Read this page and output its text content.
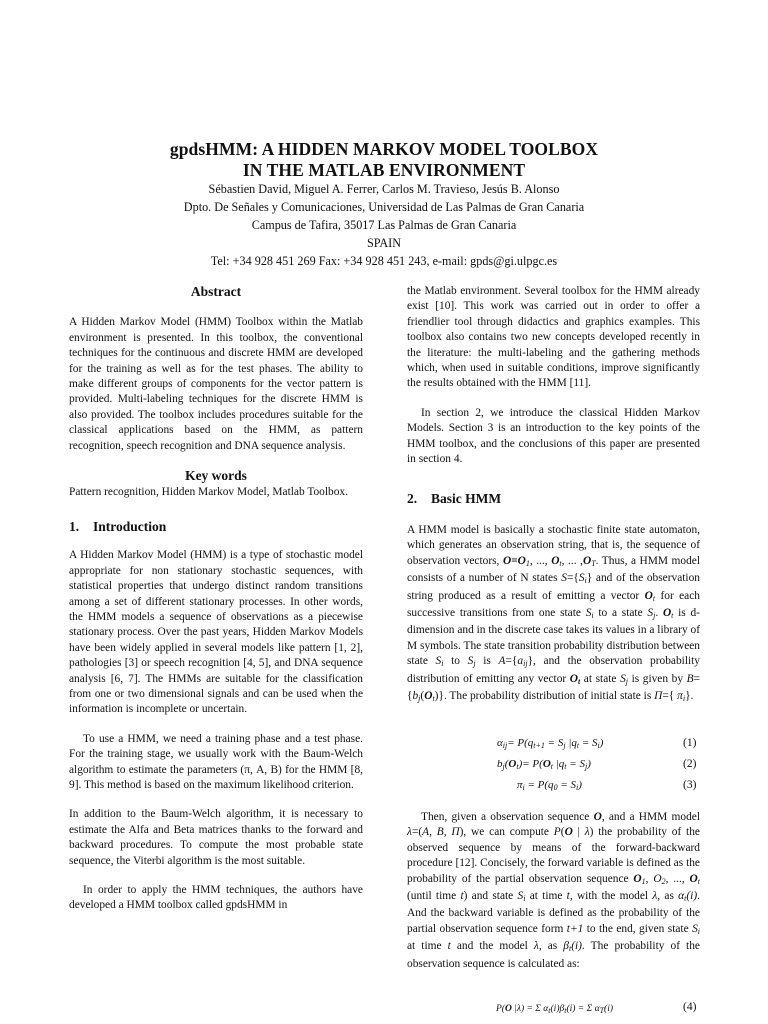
gpdsHMM: A HIDDEN MARKOV MODEL TOOLBOX
IN THE MATLAB ENVIRONMENT
Sébastien David, Miguel A. Ferrer, Carlos M. Travieso, Jesús B. Alonso
Dpto. De Señales y Comunicaciones, Universidad de Las Palmas de Gran Canaria
Campus de Tafira, 35017 Las Palmas de Gran Canaria
SPAIN
Tel: +34 928 451 269 Fax: +34 928 451 243, e-mail: gpds@gi.ulpgc.es

Abstract

A Hidden Markov Model (HMM) Toolbox within the Matlab environment is presented. In this toolbox, the conventional techniques for the continuous and discrete HMM are developed for the training as well as for the test phases. The ability to make different groups of components for the vector pattern is provided. Multi-labeling techniques for the discrete HMM is also provided. The toolbox includes procedures suitable for the classical applications based on the HMM, as pattern recognition, speech recognition and DNA sequence analysis.

Key words

Pattern recognition, Hidden Markov Model, Matlab Toolbox.

1. Introduction

A Hidden Markov Model (HMM) is a type of stochastic model appropriate for non stationary stochastic sequences, with statistical properties that undergo distinct random transitions among a set of different stationary processes. In other words, the HMM models a sequence of observations as a piecewise stationary process. Over the past years, Hidden Markov Models have been widely applied in several models like pattern [1, 2], pathologies [3] or speech recognition [4, 5], and DNA sequence analysis [6, 7]. The HMMs are suitable for the classification from one or two dimensional signals and can be used when the information is incomplete or uncertain.

To use a HMM, we need a training phase and a test phase. For the training stage, we usually work with the Baum-Welch algorithm to estimate the parameters (π, A, B) for the HMM [8, 9]. This method is based on the maximum likelihood criterion.

In addition to the Baum-Welch algorithm, it is necessary to estimate the Alfa and Beta matrices thanks to the forward and backward procedures. To compute the most probable state sequence, the Viterbi algorithm is the most suitable.

In order to apply the HMM techniques, the authors have developed a HMM toolbox called gpdsHMM in

the Matlab environment. Several toolbox for the HMM already exist [10]. This work was carried out in order to offer a friendlier tool through didactics and graphics examples. This toolbox also contains two new concepts developed recently in the literature: the multi-labeling and the gathering methods which, when used in suitable conditions, improve significantly the results obtained with the HMM [11].

In section 2, we introduce the classical Hidden Markov Models. Section 3 is an introduction to the key points of the HMM toolbox, and the conclusions of this paper are presented in section 4.

2. Basic HMM

A HMM model is basically a stochastic finite state automaton, which generates an observation string, that is, the sequence of observation vectors, $O=O_1$, ..., $O_t$, ... $,O_T$. Thus, a HMM model consists of a number of N states $S=\{S_i\}$ and of the observation string produced as a result of emitting a vector $O_t$ for each successive transitions from one state $S_i$ to a state $S_j$. $O_t$ is d-dimension and in the discrete case takes its values in a library of M symbols. The state transition probability distribution between state $S_i$ to $S_j$ is $A=\{a_{ij}\}$, and the observation probability distribution of emitting any vector $O_t$ at state $S_j$ is given by $B=\{b_j(O_t)\}$. The probability distribution of initial state is Π={ $\pi_i$}.

$\alpha_{ij}= P(q_{t+1} = S_j$ $|q_t = S_i$)	(1)
$b_j(O_t)= P(O_t$ $|q_t = S_j$)	(2)
$\pi_i = P(q_0 = S_i)$	(3)

Then, given a observation sequence O, and a HMM model λ=(A, B, Π), we can compute P(O | λ) the probability of the observed sequence by means of the forward-backward procedure [12]. Concisely, the forward variable is defined as the probability of the partial observation sequence $O_1$, $O_2$, ..., $O_t$ (until time t) and state $S_i$ at time t, with the model λ, as $\alpha_t(i)$. And the backward variable is defined as the probability of the partial observation sequence form t+1 to the end, given state $S_i$ at time t and the model λ, as $\beta_t(i)$. The probability of the observation sequence is calculated as:

P(O |λ) = Σ $\alpha_t(i)\beta_t(i) = \Sigma$ $\alpha_T(i)$	(4)
